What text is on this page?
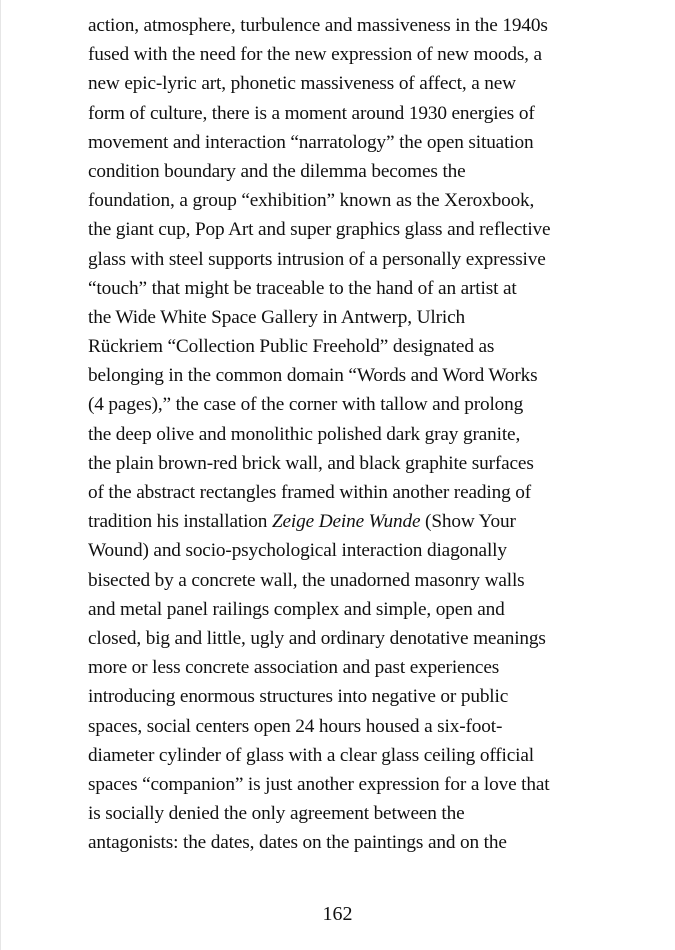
action, atmosphere, turbulence and massiveness in the 1940s
fused with the need for the new expression of new moods, a
new epic-lyric art, phonetic massiveness of affect, a new
form of culture, there is a moment around 1930 energies of
movement and interaction “narratology” the open situation
condition boundary and the dilemma becomes the
foundation, a group “exhibition” known as the Xeroxbook,
the giant cup, Pop Art and super graphics glass and reflective
glass with steel supports intrusion of a personally expressive
“touch” that might be traceable to the hand of an artist at
the Wide White Space Gallery in Antwerp, Ulrich
Rückriem “Collection Public Freehold” designated as
belonging in the common domain “Words and Word Works
(4 pages),” the case of the corner with tallow and prolong
the deep olive and monolithic polished dark gray granite,
the plain brown-red brick wall, and black graphite surfaces
of the abstract rectangles framed within another reading of
tradition his installation Zeige Deine Wunde (Show Your
Wound) and socio-psychological interaction diagonally
bisected by a concrete wall, the unadorned masonry walls
and metal panel railings complex and simple, open and
closed, big and little, ugly and ordinary denotative meanings
more or less concrete association and past experiences
introducing enormous structures into negative or public
spaces, social centers open 24 hours housed a six-foot-
diameter cylinder of glass with a clear glass ceiling official
spaces “companion” is just another expression for a love that
is socially denied the only agreement between the
antagonists: the dates, dates on the paintings and on the
162
